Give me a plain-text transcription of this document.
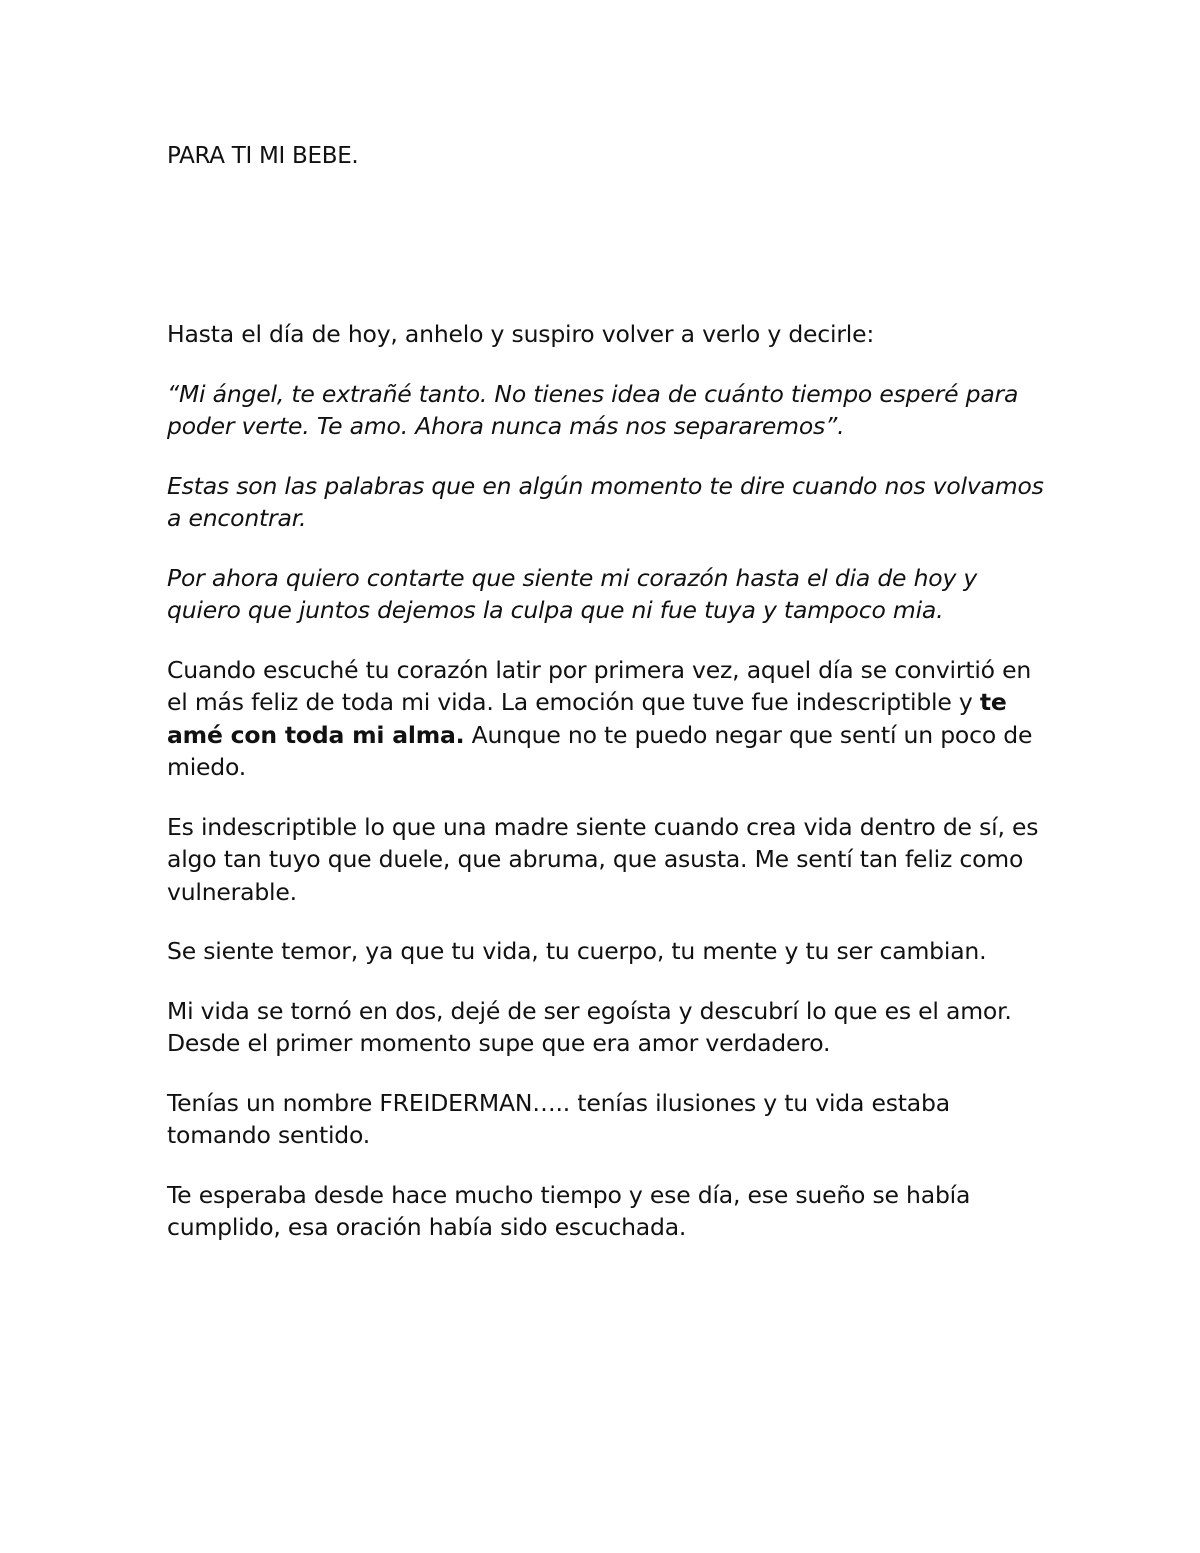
PARA TI MI BEBE.

Hasta el día de hoy, anhelo y suspiro volver a verlo y decirle:

“Mi ángel, te extrañé tanto. No tienes idea de cuánto tiempo esperé para poder verte. Te amo. Ahora nunca más nos separaremos”.

Estas son las palabras que en algún momento te dire cuando nos volvamos a encontrar.

Por ahora quiero contarte que siente mi corazón hasta el dia de hoy y quiero que juntos dejemos la culpa que ni fue tuya y tampoco mia.

Cuando escuché tu corazón latir por primera vez, aquel día se convirtió en el más feliz de toda mi vida. La emoción que tuve fue indescriptible y te amé con toda mi alma. Aunque no te puedo negar que sentí un poco de miedo.

Es indescriptible lo que una madre siente cuando crea vida dentro de sí, es algo tan tuyo que duele, que abruma, que asusta. Me sentí tan feliz como vulnerable.

Se siente temor, ya que tu vida, tu cuerpo, tu mente y tu ser cambian.

Mi vida se tornó en dos, dejé de ser egoísta y descubrí lo que es el amor. Desde el primer momento supe que era amor verdadero.

Tenías un nombre FREIDERMAN….. tenías ilusiones y tu vida estaba tomando sentido.

Te esperaba desde hace mucho tiempo y ese día, ese sueño se había cumplido, esa oración había sido escuchada.
